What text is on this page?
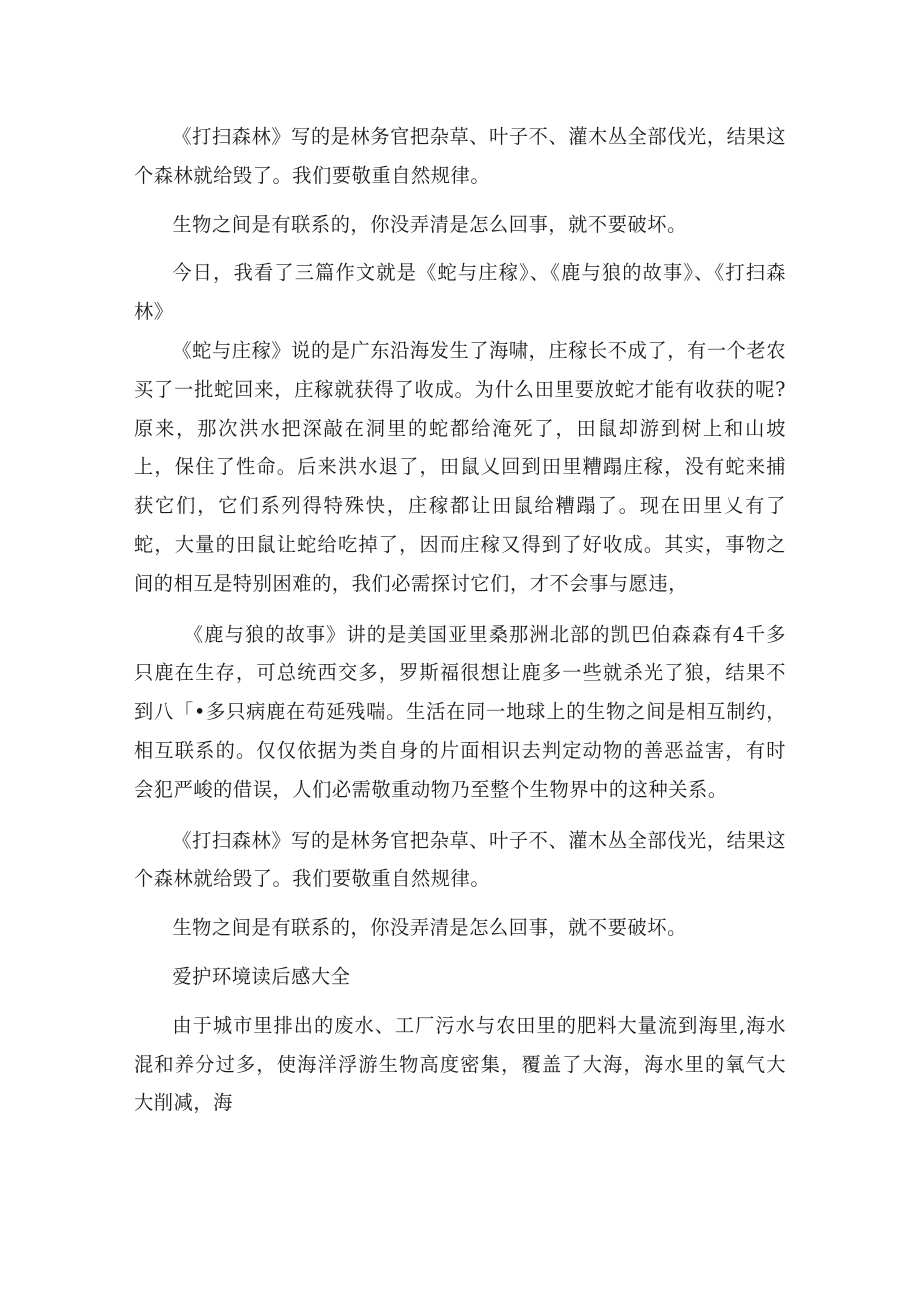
《打扫森林》写的是林务官把杂草、叶子不、灌木丛全部伐光，结果这个森林就给毁了。我们要敬重自然规律。

生物之间是有联系的，你没弄清是怎么回事，就不要破坏。

今日，我看了三篇作文就是《蛇与庄稼》、《鹿与狼的故事》、《打扫森林》

《蛇与庄稼》说的是广东沿海发生了海啸，庄稼长不成了，有一个老农买了一批蛇回来，庄稼就获得了收成。为什么田里要放蛇才能有收获的呢?原来，那次洪水把深敲在洞里的蛇都给淹死了，田鼠却游到树上和山坡上，保住了性命。后来洪水退了，田鼠乂回到田里糟蹋庄稼，没有蛇来捕获它们，它们系列得特殊快，庄稼都让田鼠给糟蹋了。现在田里乂有了蛇，大量的田鼠让蛇给吃掉了，因而庄稼又得到了好收成。其实，事物之间的相互是特别困难的，我们必需探讨它们，才不会事与愿违，

《鹿与狼的故事》讲的是美国亚里桑那洲北部的凯巴伯森森有4千多只鹿在生存，可总统西交多，罗斯福很想让鹿多一些就杀光了狼，结果不到八「•多只病鹿在苟延残喘。生活在同一地球上的生物之间是相互制约，相互联系的。仅仅依据为类自身的片面相识去判定动物的善恶益害，有时会犯严峻的借误，人们必需敬重动物乃至整个生物界中的这种关系。

《打扫森林》写的是林务官把杂草、叶子不、灌木丛全部伐光，结果这个森林就给毁了。我们要敬重自然规律。

生物之间是有联系的，你没弄清是怎么回事，就不要破坏。

爱护环境读后感大全

由于城市里排出的废水、工厂污水与农田里的肥料大量流到海里,海水混和养分过多，使海洋浮游生物高度密集，覆盖了大海，海水里的氧气大大削减，海
